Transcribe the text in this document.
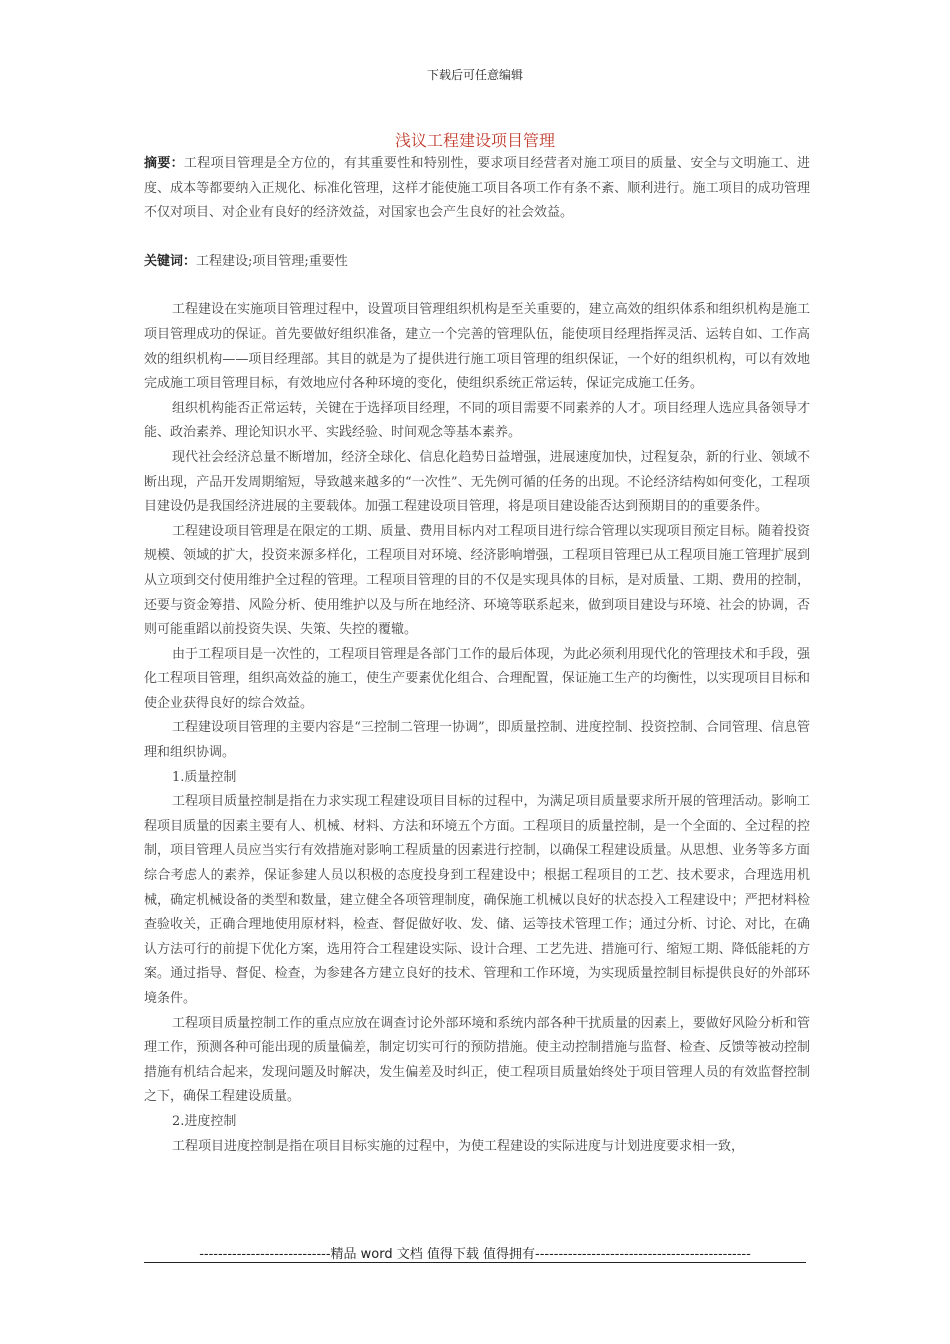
下载后可任意编辑
浅议工程建设项目管理

摘要：工程项目管理是全方位的，有其重要性和特别性，要求项目经营者对施工项目的质量、安全与文明施工、进度、成本等都要纳入正规化、标准化管理，这样才能使施工项目各项工作有条不紊、顺利进行。施工项目的成功管理不仅对项目、对企业有良好的经济效益，对国家也会产生良好的社会效益。

关键词：工程建设;项目管理;重要性

工程建设在实施项目管理过程中，设置项目管理组织机构是至关重要的，建立高效的组织体系和组织机构是施工项目管理成功的保证。首先要做好组织准备，建立一个完善的管理队伍，能使项目经理指挥灵活、运转自如、工作高效的组织机构——项目经理部。其目的就是为了提供进行施工项目管理的组织保证，一个好的组织机构，可以有效地完成施工项目管理目标，有效地应付各种环境的变化，使组织系统正常运转，保证完成施工任务。

组织机构能否正常运转，关键在于选择项目经理，不同的项目需要不同素养的人才。项目经理人选应具备领导才能、政治素养、理论知识水平、实践经验、时间观念等基本素养。

现代社会经济总量不断增加，经济全球化、信息化趋势日益增强，进展速度加快，过程复杂，新的行业、领域不断出现，产品开发周期缩短，导致越来越多的“一次性”、无先例可循的任务的出现。不论经济结构如何变化，工程项目建设仍是我国经济进展的主要载体。加强工程建设项目管理，将是项目建设能否达到预期目的的重要条件。

工程建设项目管理是在限定的工期、质量、费用目标内对工程项目进行综合管理以实现项目预定目标。随着投资规模、领域的扩大，投资来源多样化，工程项目对环境、经济影响增强，工程项目管理已从工程项目施工管理扩展到从立项到交付使用维护全过程的管理。工程项目管理的目的不仅是实现具体的目标，是对质量、工期、费用的控制，还要与资金筹措、风险分析、使用维护以及与所在地经济、环境等联系起来，做到项目建设与环境、社会的协调，否则可能重蹈以前投资失误、失策、失控的覆辙。

由于工程项目是一次性的，工程项目管理是各部门工作的最后体现，为此必须利用现代化的管理技术和手段，强化工程项目管理，组织高效益的施工，使生产要素优化组合、合理配置，保证施工生产的均衡性，以实现项目目标和使企业获得良好的综合效益。

工程建设项目管理的主要内容是“三控制二管理一协调”，即质量控制、进度控制、投资控制、合同管理、信息管理和组织协调。

1.质量控制

工程项目质量控制是指在力求实现工程建设项目目标的过程中，为满足项目质量要求所开展的管理活动。影响工程项目质量的因素主要有人、机械、材料、方法和环境五个方面。工程项目的质量控制，是一个全面的、全过程的控制，项目管理人员应当实行有效措施对影响工程质量的因素进行控制，以确保工程建设质量。从思想、业务等多方面综合考虑人的素养，保证参建人员以积极的态度投身到工程建设中；根据工程项目的工艺、技术要求，合理选用机械，确定机械设备的类型和数量，建立健全各项管理制度，确保施工机械以良好的状态投入工程建设中；严把材料检查验收关，正确合理地使用原材料，检查、督促做好收、发、储、运等技术管理工作；通过分析、讨论、对比，在确认方法可行的前提下优化方案，选用符合工程建设实际、设计合理、工艺先进、措施可行、缩短工期、降低能耗的方案。通过指导、督促、检查，为参建各方建立良好的技术、管理和工作环境，为实现质量控制目标提供良好的外部环境条件。

工程项目质量控制工作的重点应放在调查讨论外部环境和系统内部各种干扰质量的因素上，要做好风险分析和管理工作，预测各种可能出现的质量偏差，制定切实可行的预防措施。使主动控制措施与监督、检查、反馈等被动控制措施有机结合起来，发现问题及时解决，发生偏差及时纠正，使工程项目质量始终处于项目管理人员的有效监督控制之下，确保工程建设质量。

2.进度控制

工程项目进度控制是指在项目目标实施的过程中，为使工程建设的实际进度与计划进度要求相一致，

----------------------------精品 word 文档 值得下载 值得拥有----------------------------------------------
